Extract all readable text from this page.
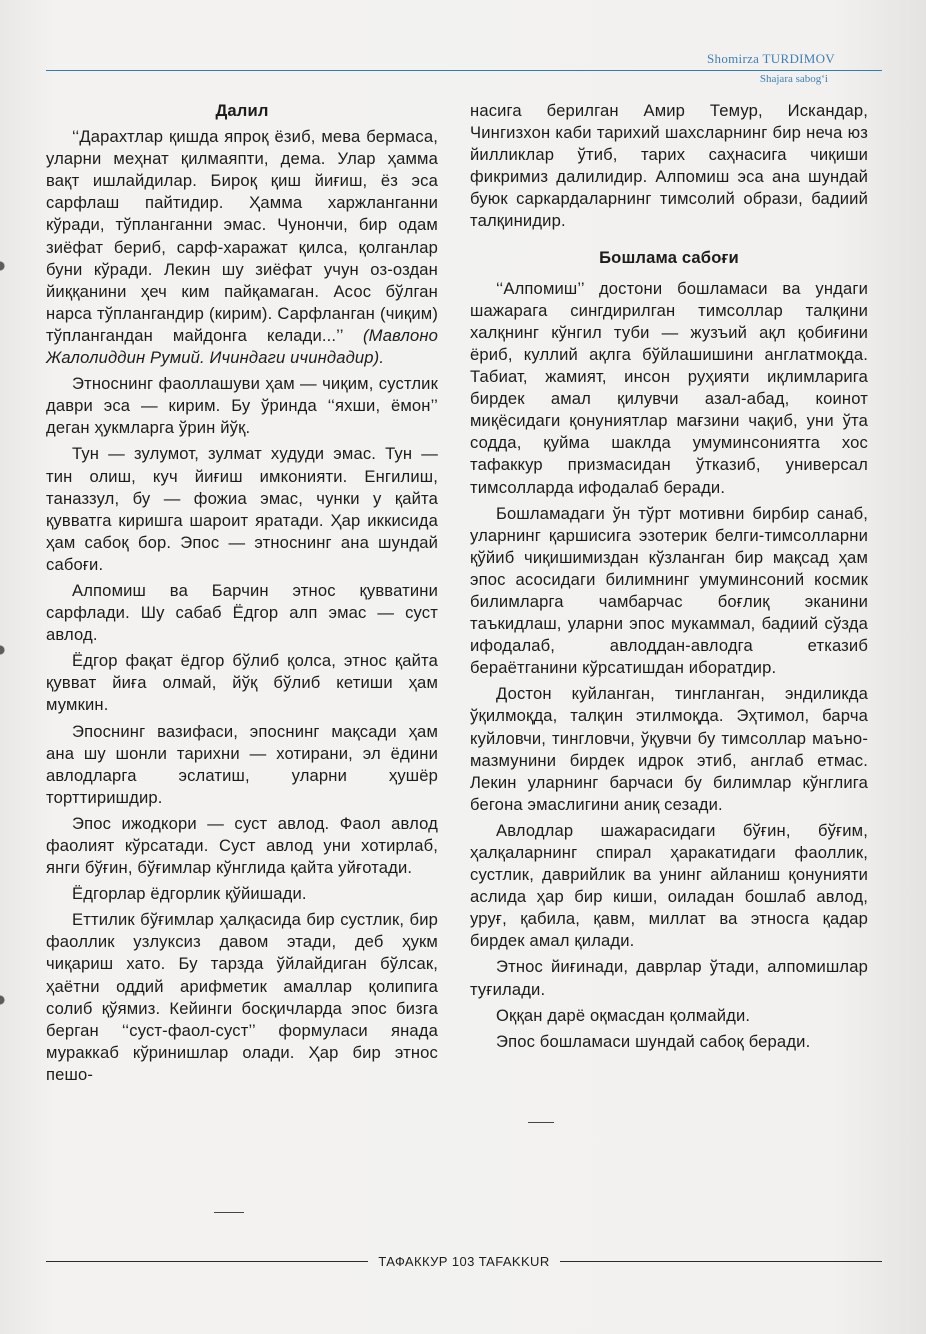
Shomirza TURDIMOV
Shajara sabog‘i
Далил

‘‘Дарахтлар қишда япроқ ёзиб, мева бермаса, уларни меҳнат қилмаяпти, дема. Улар ҳамма вақт ишлайдилар. Бироқ қиш йиғиш, ёз эса сарфлаш пайтидир. Ҳамма харжланганни кўради, тўпланганни эмас. Чунончи, бир одам зиёфат бериб, сарф-харажат қилса, қолганлар буни кўради. Лекин шу зиёфат учун оз-оздан йиққанини ҳеч ким пайқамаган. Асос бўлган нарса тўплангандир (кирим). Сарфланган (чиқим) тўплангандан майдонга келади...’’ (Мавлоно Жалолиддин Румий. Ичиндаги ичиндадир).

Этноснинг фаоллашуви ҳам — чиқим, сустлик даври эса — кирим. Бу ўринда ‘‘яхши, ёмон’’ деган ҳукмларга ўрин йўқ.

Тун — зулумот, зулмат худуди эмас. Тун — тин олиш, куч йиғиш имконияти. Енгилиш, таназзул, бу — фожиа эмас, чунки у қайта қувватга киришга шароит яратади. Ҳар иккисида ҳам сабоқ бор. Эпос — этноснинг ана шундай сабоғи.

Алпомиш ва Барчин этнос қувватини сарфлади. Шу сабаб Ёдгор алп эмас — суст авлод.

Ёдгор фақат ёдгор бўлиб қолса, этнос қайта қувват йиға олмай, йўқ бўлиб кетиши ҳам мумкин.

Эпоснинг вазифаси, эпоснинг мақсади ҳам ана шу шонли тарихни — хотирани, эл ёдини авлодларга эслатиш, уларни ҳушёр торттиришдир.

Эпос ижодкори — суст авлод. Фаол авлод фаолият кўрсатади. Суст авлод уни хотирлаб, янги бўғин, бўғимлар кўнглида қайта уйғотади.

Ёдгорлар ёдгорлик қўйишади.

Еттилик бўғимлар ҳалқасида бир сустлик, бир фаоллик узлуксиз давом этади, деб ҳукм чиқариш хато. Бу тарзда ўйлайдиган бўлсак, ҳаётни оддий арифметик амаллар қолипига солиб қўямиз. Кейинги босқичларда эпос бизга берган ‘‘суст-фаол-суст’’ формуласи янада мураккаб кўринишлар олади. Ҳар бир этнос пешо-

насига берилган Амир Темур, Искандар, Чингизхон каби тарихий шахсларнинг бир неча юз йилликлар ўтиб, тарих саҳнасига чиқиши фикримиз далилидир. Алпомиш эса ана шундай буюк саркардаларнинг тимсолий образи, бадиий талқинидир.

Бошлама сабоғи

‘‘Алпомиш’’ достони бошламаси ва ундаги шажарага сингдирилган тимсоллар талқини халқнинг кўнгил туби — жузъий ақл қобиғини ёриб, куллий ақлга бўйлашишини англатмоқда. Табиат, жамият, инсон руҳияти иқлимларига бирдек амал қилувчи азал-абад, коинот миқёсидаги қонуниятлар мағзини чақиб, уни ўта содда, қуйма шаклда умуминсониятга хос тафаккур призмасидан ўтказиб, универсал тимсолларда ифодалаб беради.

Бошламадаги ўн тўрт мотивни бирбир санаб, уларнинг қаршисига эзотерик белги-тимсолларни қўйиб чиқишимиздан кўзланган бир мақсад ҳам эпос асосидаги билимнинг умуминсоний космик билимларга чамбарчас боғлиқ эканини таъкидлаш, уларни эпос мукаммал, бадиий сўзда ифодалаб, авлоддан-авлодга етказиб бераётганини кўрсатишдан иборатдир.

Достон куйланган, тингланган, эндиликда ўқилмоқда, талқин этилмоқда. Эҳтимол, барча куйловчи, тингловчи, ўқувчи бу тимсоллар маъно-мазмунини бирдек идрок этиб, англаб етмас. Лекин уларнинг барчаси бу билимлар кўнглига бегона эмаслигини аниқ сезади.

Авлодлар шажарасидаги бўғин, бўғим, ҳалқаларнинг спирал ҳаракатидаги фаоллик, сустлик, даврийлик ва унинг айланиш қонунияти аслида ҳар бир киши, оиладан бошлаб авлод, уруғ, қабила, қавм, миллат ва этносга қадар бирдек амал қилади.

Этнос йиғинади, даврлар ўтади, алпомишлар туғилади.

Оққан дарё оқмасдан қолмайди.

Эпос бошламаси шундай сабоқ беради.

ТАФАККУР 103 TAFAKKUR
